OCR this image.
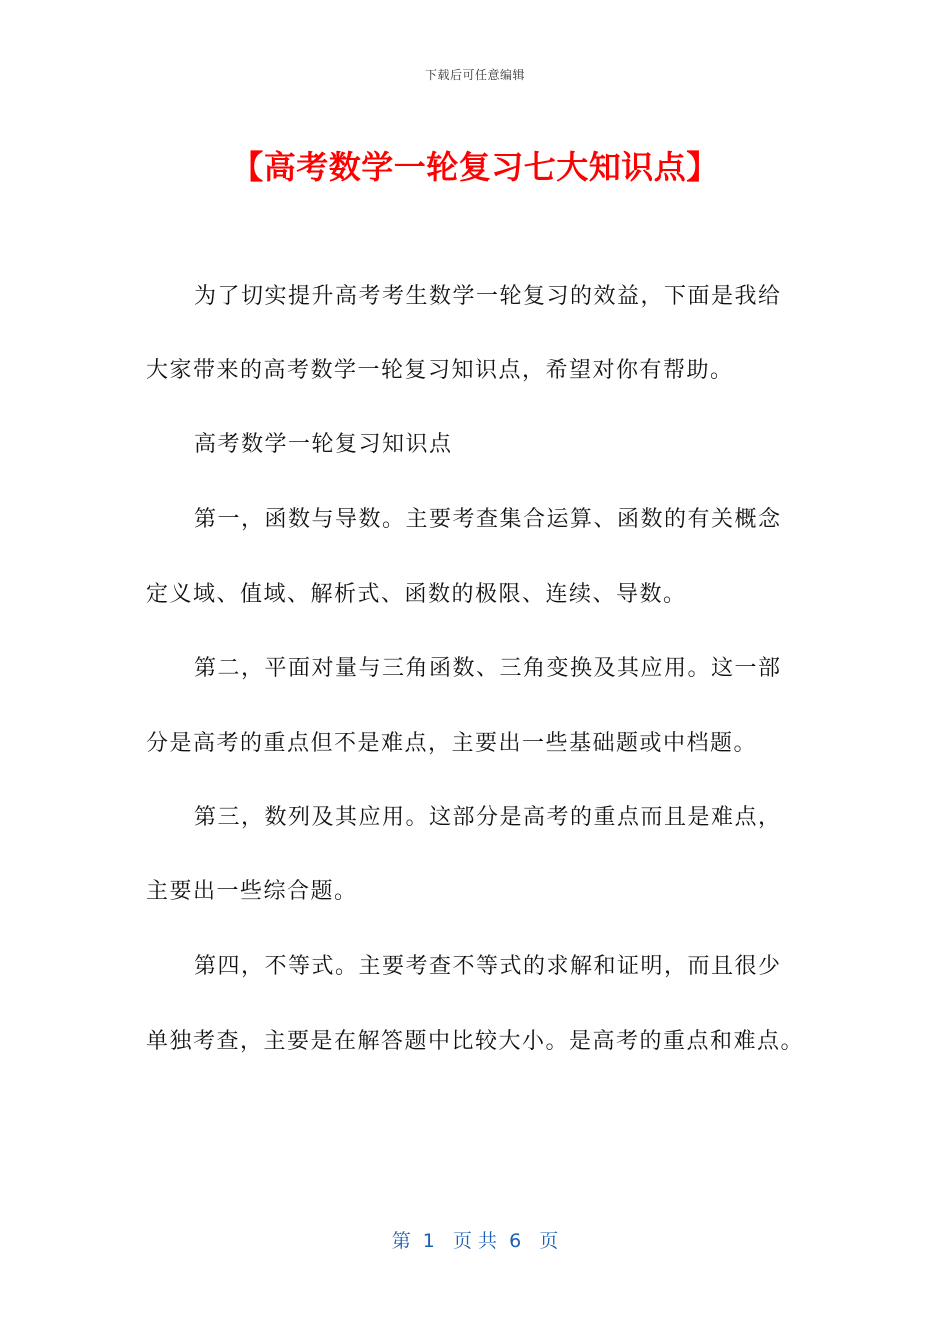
下载后可任意编辑
【高考数学一轮复习七大知识点】
为了切实提升高考考生数学一轮复习的效益，下面是我给
大家带来的高考数学一轮复习知识点，希望对你有帮助。
高考数学一轮复习知识点
第一，函数与导数。主要考查集合运算、函数的有关概念
定义域、值域、解析式、函数的极限、连续、导数。
第二，平面对量与三角函数、三角变换及其应用。这一部
分是高考的重点但不是难点，主要出一些基础题或中档题。
第三，数列及其应用。这部分是高考的重点而且是难点，
主要出一些综合题。
第四，不等式。主要考查不等式的求解和证明，而且很少
单独考查，主要是在解答题中比较大小。是高考的重点和难点。
第  1   页 共  6   页
